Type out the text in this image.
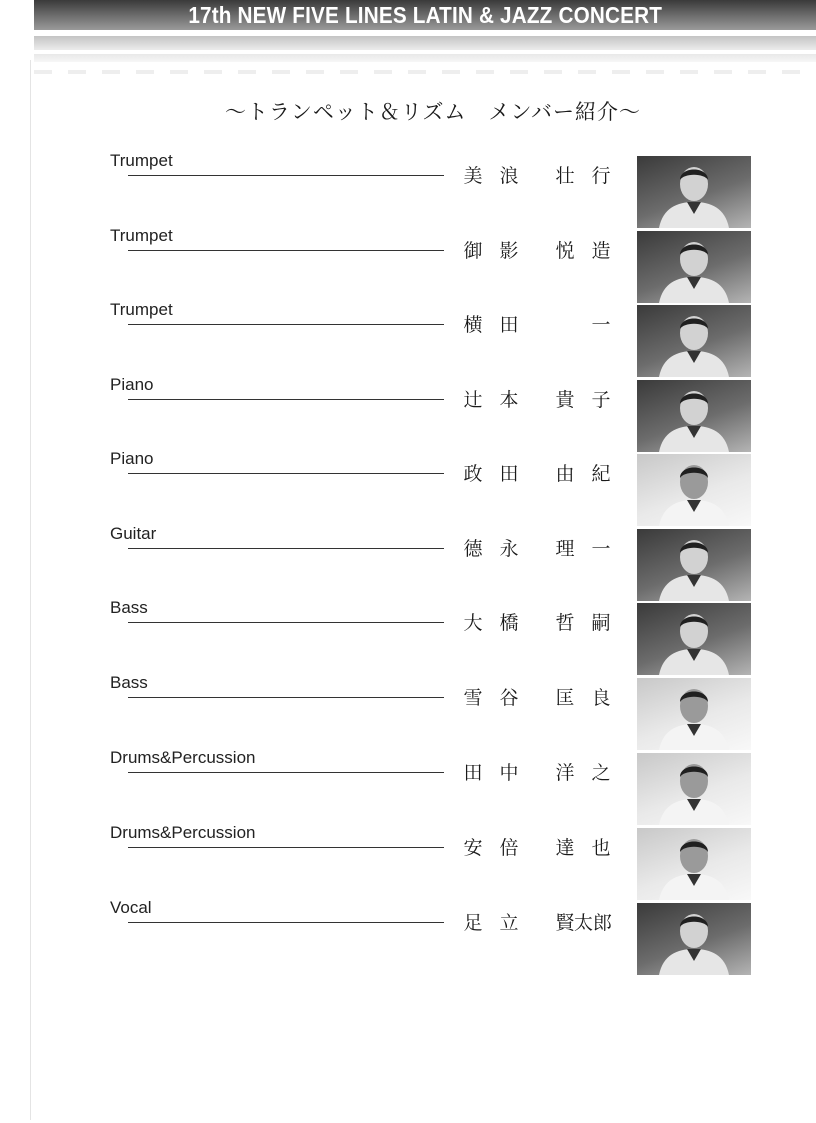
17th NEW FIVE LINES LATIN & JAZZ CONCERT
〜トランペット＆リズム　メンバー紹介〜
Trumpet
美 浪 壮 行
Trumpet
御 影 悦 造
Trumpet
横 田	一
Piano
辻 本 貴 子
Piano
政 田 由 紀
Guitar
德 永 理 一
Bass
大 橋 哲 嗣
Bass
雪 谷 匡 良
Drums&Percussion
田 中 洋 之
Drums&Percussion
安 倍 達 也
Vocal
足 立 賢 太郎
